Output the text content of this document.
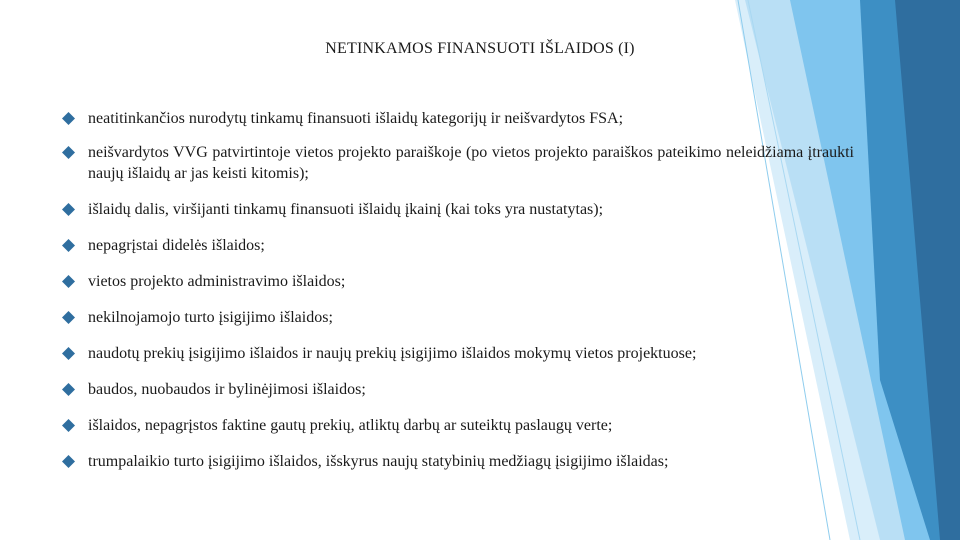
NETINKAMOS FINANSUOTI IŠLAIDOS (I)
neatitinkančios nurodytų tinkamų finansuoti išlaidų kategorijų ir neišvardytos FSA;
neišvardytos VVG patvirtintoje vietos projekto paraiškoje (po vietos projekto paraiškos pateikimo neleidžiama įtraukti naujų išlaidų ar jas keisti kitomis);
išlaidų dalis, viršijanti tinkamų finansuoti išlaidų įkainį (kai toks yra nustatytas);
nepagrįstai didelės išlaidos;
vietos projekto administravimo išlaidos;
nekilnojamojo turto įsigijimo išlaidos;
naudotų prekių įsigijimo išlaidos ir naujų prekių įsigijimo išlaidos mokymų vietos projektuose;
baudos, nuobaudos ir bylinėjimosi išlaidos;
išlaidos, nepagrįstos faktine gautų prekių, atliktų darbų ar suteiktų paslaugų verte;
trumpalaikio turto įsigijimo išlaidos, išskyrus naujų statybinių medžiagų įsigijimo išlaidas;
